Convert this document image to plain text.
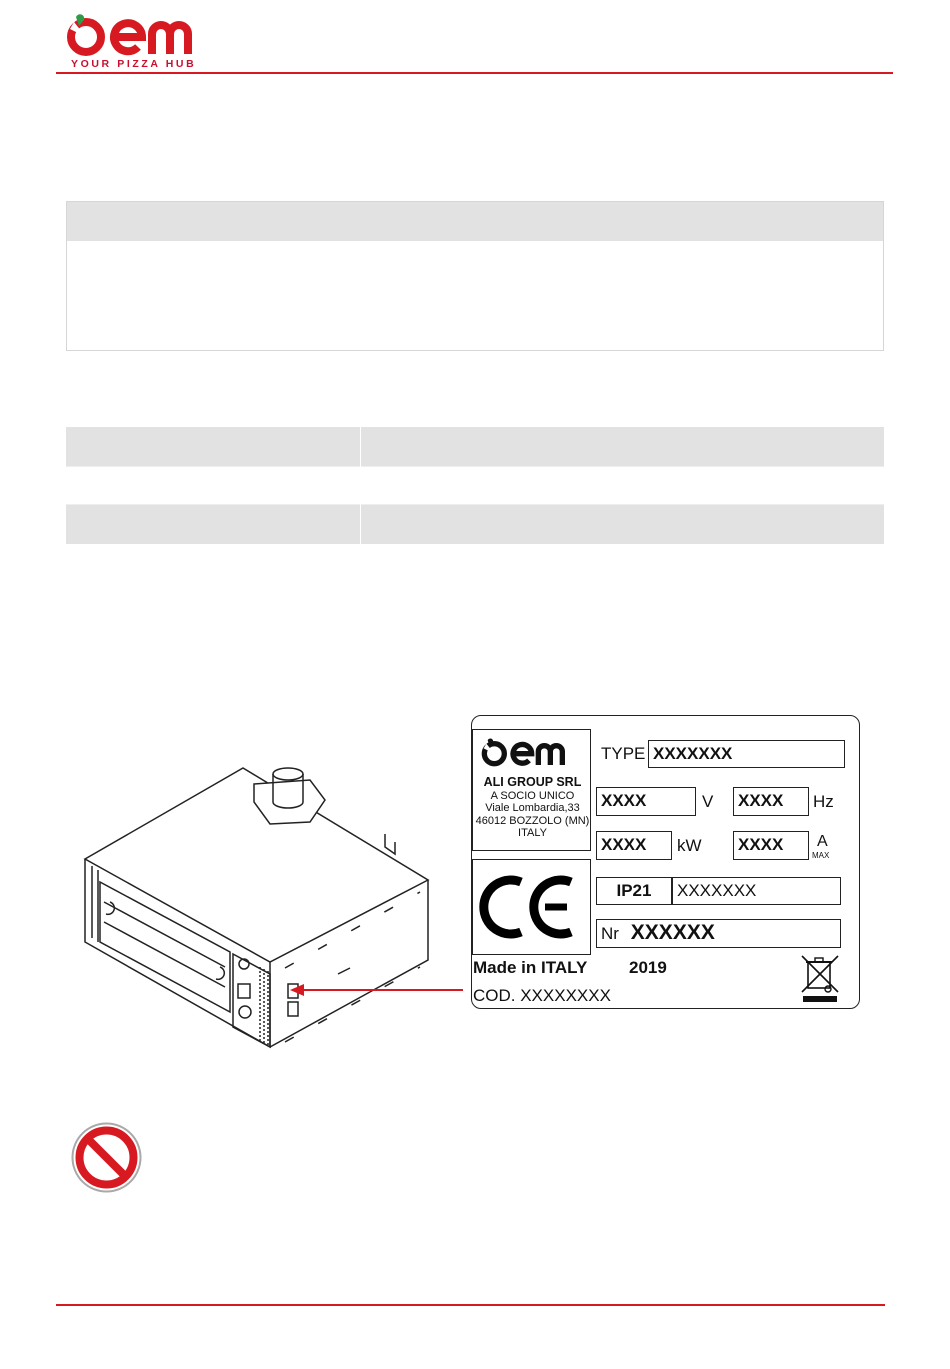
YOUR PIZZA HUB
ALI GROUP SRL
A SOCIO UNICO
Viale Lombardia,33
46012 BOZZOLO (MN)
ITALY
TYPE XXXXXXX
XXXX	V XXXX	Hz
XXXX	kW XXXX	A
MAX
IP21	XXXXXXX
Nr XXXXXX
Made in ITALY 2019
COD. XXXXXXXX
